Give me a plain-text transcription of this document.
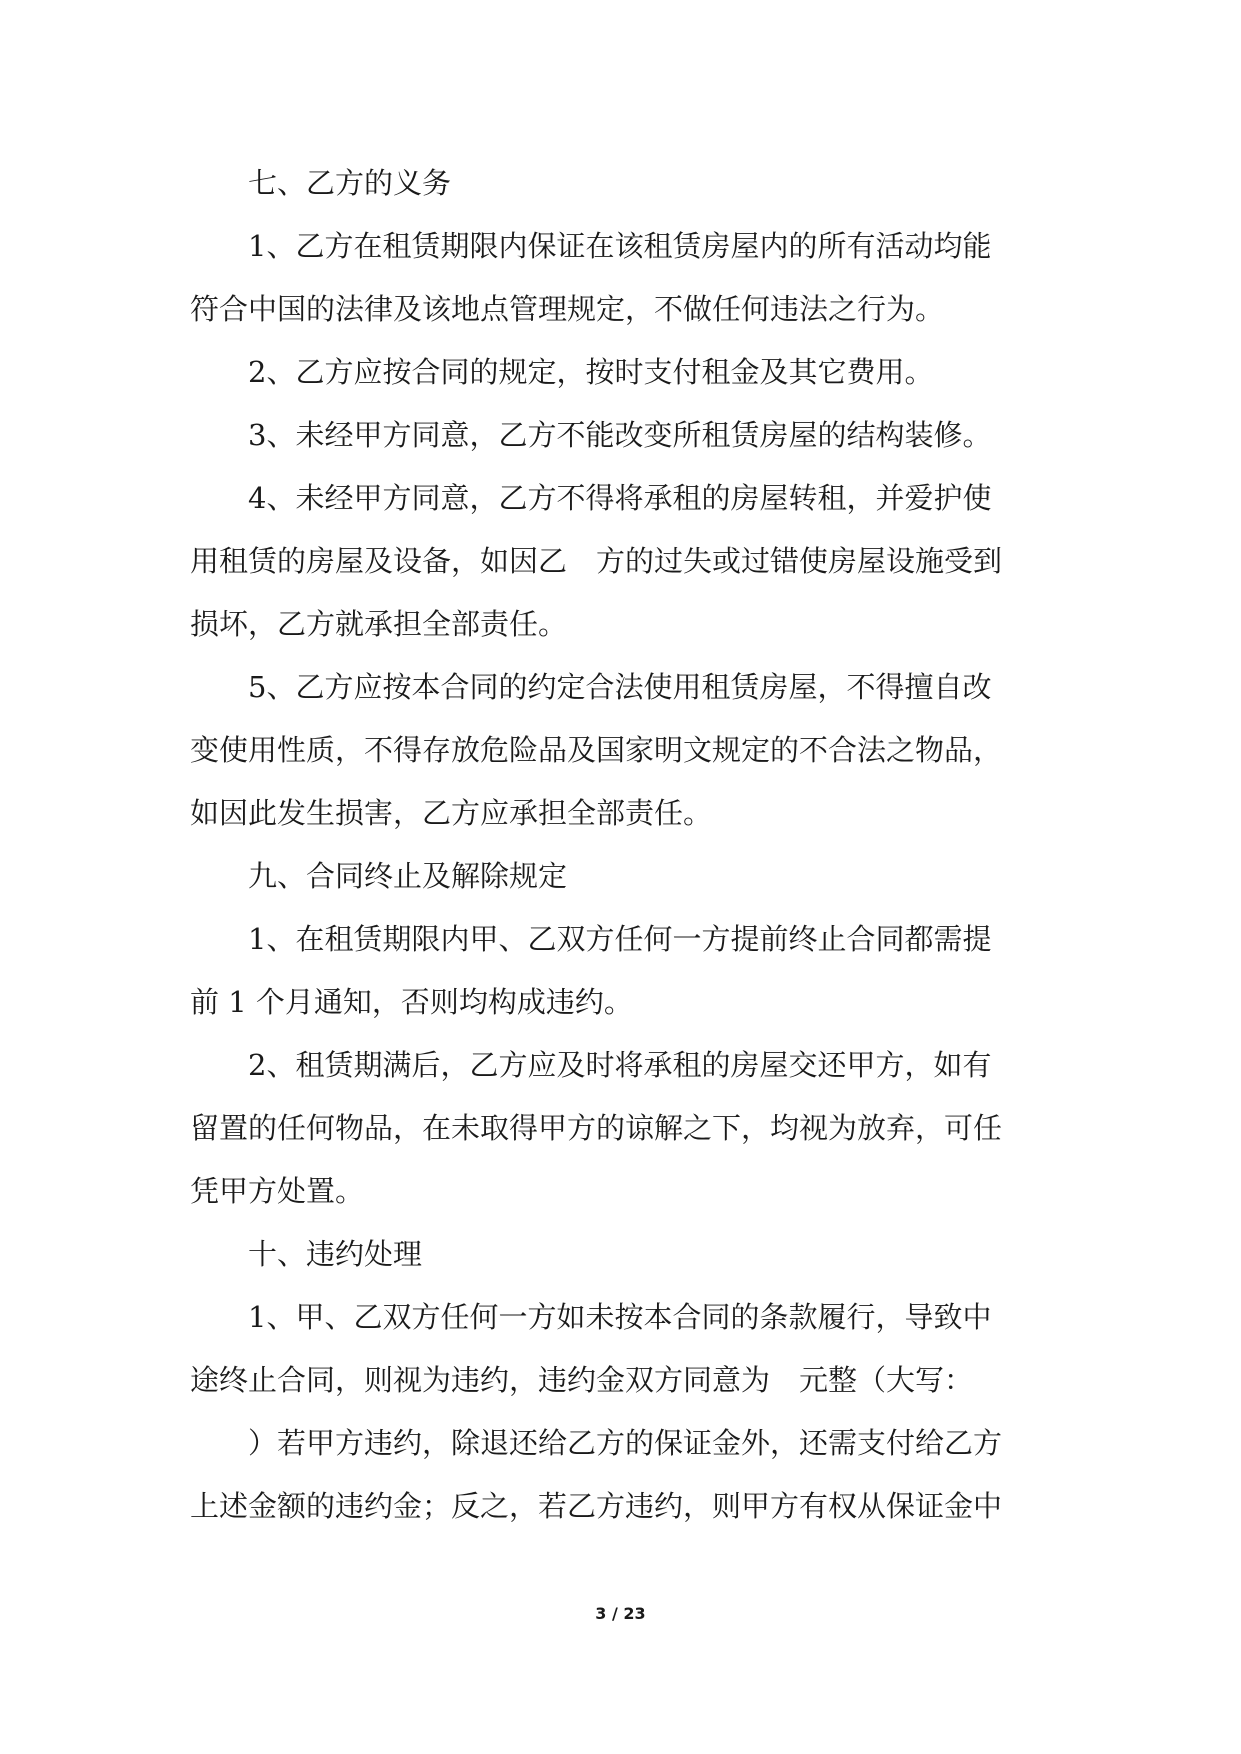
七、乙方的义务
1、乙方在租赁期限内保证在该租赁房屋内的所有活动均能
符合中国的法律及该地点管理规定，不做任何违法之行为。
2、乙方应按合同的规定，按时支付租金及其它费用。
3、未经甲方同意，乙方不能改变所租赁房屋的结构装修。
4、未经甲方同意，乙方不得将承租的房屋转租，并爱护使
用租赁的房屋及设备，如因乙　方的过失或过错使房屋设施受到
损坏，乙方就承担全部责任。
5、乙方应按本合同的约定合法使用租赁房屋，不得擅自改
变使用性质，不得存放危险品及国家明文规定的不合法之物品，
如因此发生损害，乙方应承担全部责任。
九、合同终止及解除规定
1、在租赁期限内甲、乙双方任何一方提前终止合同都需提
前 1 个月通知，否则均构成违约。
2、租赁期满后，乙方应及时将承租的房屋交还甲方，如有
留置的任何物品，在未取得甲方的谅解之下，均视为放弃，可任
凭甲方处置。
十、违约处理
1、甲、乙双方任何一方如未按本合同的条款履行，导致中
途终止合同，则视为违约，违约金双方同意为　元整（大写：
）若甲方违约，除退还给乙方的保证金外，还需支付给乙方
上述金额的违约金；反之，若乙方违约，则甲方有权从保证金中
3 / 23
